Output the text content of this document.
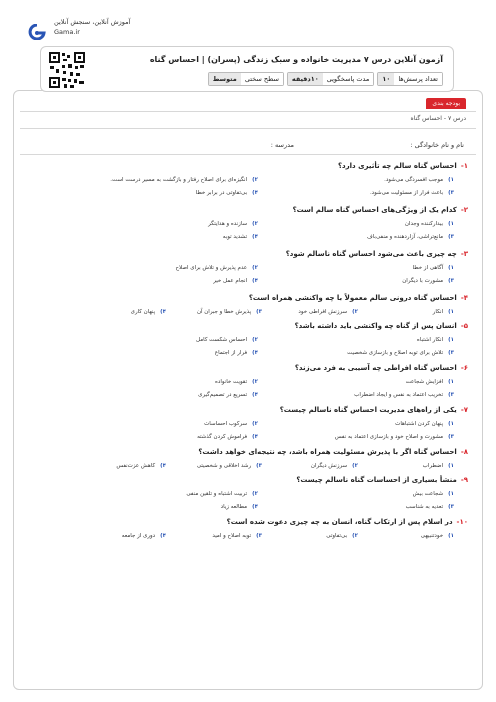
آموزش آنلاین، سنجش آنلاین
Gama.ir
آزمون آنلاین درس ۷ مدیریت خانواده و سبک زندگی (پسران) | احساس گناه
تعداد پرسش‌ها
۱۰
مدت پاسخگویی
۱۰دقیقه
سطح سختی
متوسط
بودجه بندی
درس ۷ - احساس گناه
نام و نام خانوادگی :
مدرسه :
۱-احساس گناه سالم چه تأثیری دارد؟
۱)موجب افسردگی می‌شود.
۲)انگیزه‌ای برای اصلاح رفتار و بازگشت به مسیر درست است.
۳)باعث فرار از مسئولیت می‌شود.
۴)بی‌تفاوتی در برابر خطا
۲-کدام یک از ویژگی‌های احساس گناه سالم است؟
۱)بیدارکننده وجدان
۲)سازنده و هدایتگر
۳)مانع‌تراشی، آزاردهنده و منفی‌باف
۴)تشدید توبه
۳-چه چیزی باعث می‌شود احساس گناه ناسالم شود؟
۱)آگاهی از خطا
۲)عدم پذیرش و تلاش برای اصلاح
۳)مشورت با دیگران
۴)انجام عمل خیر
۴-احساس گناه درونی سالم معمولاً با چه واکنشی همراه است؟
۱)انکار
۲)سرزنش افراطی خود
۳)پذیرش خطا و جبران آن
۴)پنهان کاری
۵-انسان پس از گناه چه واکنشی باید داشته باشد؟
۱)انکار اشتباه
۲)احساس شکست کامل
۳)تلاش برای توبه اصلاح و بازسازی شخصیت
۴)فرار از اجتماع
۶-احساس گناه افراطی چه آسیبی به فرد می‌زند؟
۱)افزایش شجاعت
۲)تقویت خانواده
۳)تخریب اعتماد به نفس و ایجاد اضطراب
۴)تسریع در تصمیم‌گیری
۷-یکی از راه‌های مدیریت احساس گناه ناسالم چیست؟
۱)پنهان کردن اشتباهات
۲)سرکوب احساسات
۳)مشورت و اصلاح خود و بازسازی اعتماد به نفس
۴)فراموش کردن گذشته
۸-احساس گناه اگر با پذیرش مسئولیت همراه باشد، چه نتیجه‌ای خواهد داشت؟
۱)اضطراب
۲)سرزنش دیگران
۳)رشد اخلاقی و شخصیتی
۴)کاهش عزت‌نفس
۹-منشأ بسیاری از احساسات گناه ناسالم چیست؟
۱)شجاعت بیش
۲)تربیت اشتباه و تلقین منفی
۳)تعدیه به شناسب
۴)مطالعه زیاد
۱۰-در اسلام پس از ارتکاب گناه، انسان به چه چیزی دعوت شده است؟
۱)خودتنبیهی
۲)بی‌تفاوتی
۳)توبه اصلاح و امید
۴)دوری از جامعه
